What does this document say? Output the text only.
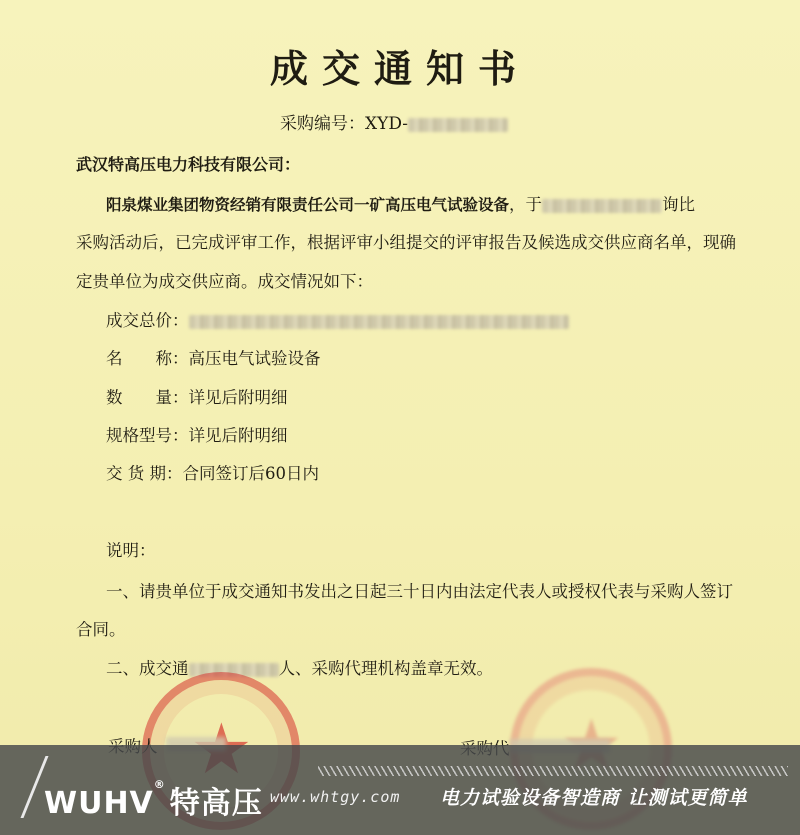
成交通知书
采购编号：XYD-
武汉特高压电力科技有限公司：
阳泉煤业集团物资经销有限责任公司一矿高压电气试验设备，于	询比
采购活动后，已完成评审工作，根据评审小组提交的评审报告及候选成交供应商名单，现确
定贵单位为成交供应商。成交情况如下：
成交总价：
名　　称：高压电气试验设备
数　　量：详见后附明细
规格型号：详见后附明细
交 货 期：合同签订后60日内
说明：
一、请贵单位于成交通知书发出之日起三十日内由法定代表人或授权代表与采购人签订
合同。
二、成交通	人、采购代理机构盖章无效。
WUHV®特高压 www.whtgy.com 电力试验设备智造商 让测试更简单
